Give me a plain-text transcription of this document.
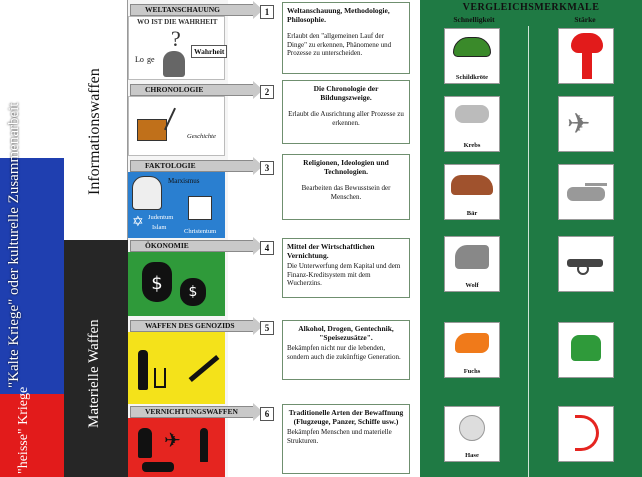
"Kalte Kriege" oder kulturelle Zusammenarbeit
"heisse" Kriege
Informationswaffen
Materielle Waffen
WO IST DIE WAHRHEIT
?
Wahrheit
Lo ge
Geschichte
Marxismus
✡ Judentum
Islam
Christentum
$	$
✈
WELTANSCHAUUNG
CHRONOLOGIE
FAKTOLOGIE
ÖKONOMIE
WAFFEN DES GENOZIDS
VERNICHTUNGSWAFFEN
1
2
3
4
5
6
Weltanschauung, Methodologie, Philosophie.
Erlaubt den "allgemeinen Lauf der Dinge" zu erkennen, Phänomene und Prozesse zu unterscheiden.
Die Chronologie der Bildungszweige.
Erlaubt die Ausrichtung aller Prozesse zu erkennen.
Religionen, Ideologien und Technologien.
Bearbeiten das Bewusstsein der Menschen.
Mittel der Wirtschaftlichen Vernichtung.
Die Unterwerfung dem Kapital und dem Finanz-Kreditsystem mit dem Wucherzins.
Alkohol, Drogen, Gentechnik, "Speisezusätze".
Bekämpfen nicht nur die lebenden, sondern auch die zukünftige Generation.
Traditionelle Arten der Bewaffnung (Flugzeuge, Panzer, Schiffe usw.)
Bekämpfen Menschen und materielle Strukturen.
VERGLEICHSMERKMALE
Schnelligkeit	Stärke
Schildkröte
Krebs
Bär
Wolf
Fuchs
Hase
✈
